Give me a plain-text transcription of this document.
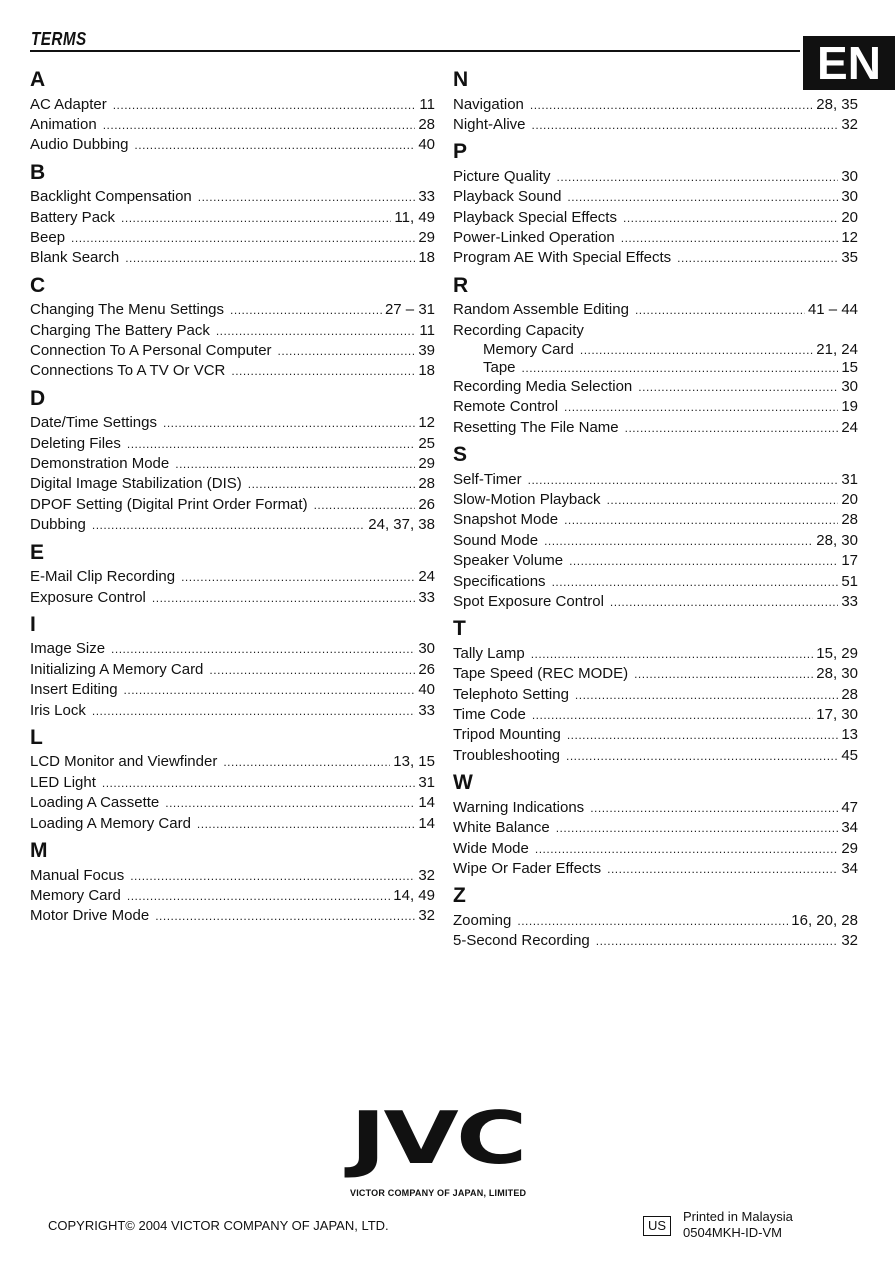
TERMS	EN
A
AC Adapter .....	11
Animation .....	28
Audio Dubbing .....	40
B
Backlight Compensation .....	33
Battery Pack .....	11, 49
Beep .....	29
Blank Search .....	18
C
Changing The Menu Settings .....	27 – 31
Charging The Battery Pack .....	11
Connection To A Personal Computer .....	39
Connections To A TV Or VCR .....	18
D
Date/Time Settings .....	12
Deleting Files .....	25
Demonstration Mode .....	29
Digital Image Stabilization (DIS) .....	28
DPOF Setting (Digital Print Order Format) .....	26
Dubbing .....	24, 37, 38
E
E-Mail Clip Recording .....	24
Exposure Control .....	33
I
Image Size .....	30
Initializing A Memory Card .....	26
Insert Editing .....	40
Iris Lock .....	33
L
LCD Monitor and Viewfinder .....	13, 15
LED Light .....	31
Loading A Cassette .....	14
Loading A Memory Card .....	14
M
Manual Focus .....	32
Memory Card .....	14, 49
Motor Drive Mode .....	32
N
Navigation .....	28, 35
Night-Alive .....	32
P
Picture Quality .....	30
Playback Sound .....	30
Playback Special Effects .....	20
Power-Linked Operation .....	12
Program AE With Special Effects .....	35
R
Random Assemble Editing .....	41 – 44
Recording Capacity
Memory Card .....	21, 24
Tape .....	15
Recording Media Selection .....	30
Remote Control .....	19
Resetting The File Name .....	24
S
Self-Timer .....	31
Slow-Motion Playback .....	20
Snapshot Mode .....	28
Sound Mode .....	28, 30
Speaker Volume .....	17
Specifications .....	51
Spot Exposure Control .....	33
T
Tally Lamp .....	15, 29
Tape Speed (REC MODE) .....	28, 30
Telephoto Setting .....	28
Time Code .....	17, 30
Tripod Mounting .....	13
Troubleshooting .....	45
W
Warning Indications .....	47
White Balance .....	34
Wide Mode .....	29
Wipe Or Fader Effects .....	34
Z
Zooming .....	16, 20, 28
5-Second Recording .....	32
JVC
VICTOR COMPANY OF JAPAN, LIMITED
COPYRIGHT© 2004 VICTOR COMPANY OF JAPAN, LTD.	US
Printed in Malaysia
0504MKH-ID-VM
